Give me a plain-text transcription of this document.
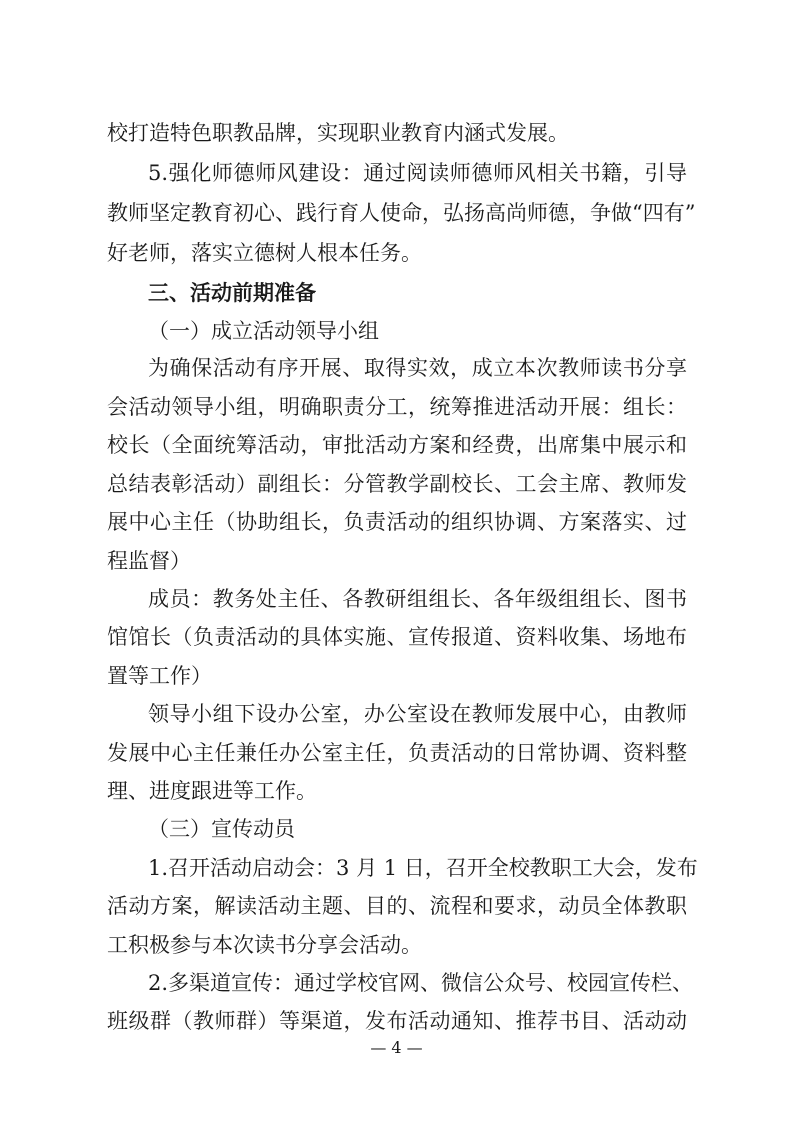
校打造特色职教品牌，实现职业教育内涵式发展。
5.强化师德师风建设：通过阅读师德师风相关书籍，引导
教师坚定教育初心、践行育人使命，弘扬高尚师德，争做“四有”
好老师，落实立德树人根本任务。
三、活动前期准备
（一）成立活动领导小组
为确保活动有序开展、取得实效，成立本次教师读书分享
会活动领导小组，明确职责分工，统筹推进活动开展：组长：
校长（全面统筹活动，审批活动方案和经费，出席集中展示和
总结表彰活动）副组长：分管教学副校长、工会主席、教师发
展中心主任（协助组长，负责活动的组织协调、方案落实、过
程监督）
成员：教务处主任、各教研组组长、各年级组组长、图书
馆馆长（负责活动的具体实施、宣传报道、资料收集、场地布
置等工作）
领导小组下设办公室，办公室设在教师发展中心，由教师
发展中心主任兼任办公室主任，负责活动的日常协调、资料整
理、进度跟进等工作。
（三）宣传动员
1.召开活动启动会：3 月 1 日，召开全校教职工大会，发布
活动方案，解读活动主题、目的、流程和要求，动员全体教职
工积极参与本次读书分享会活动。
2.多渠道宣传：通过学校官网、微信公众号、校园宣传栏、
班级群（教师群）等渠道，发布活动通知、推荐书目、活动动
— 4 —
